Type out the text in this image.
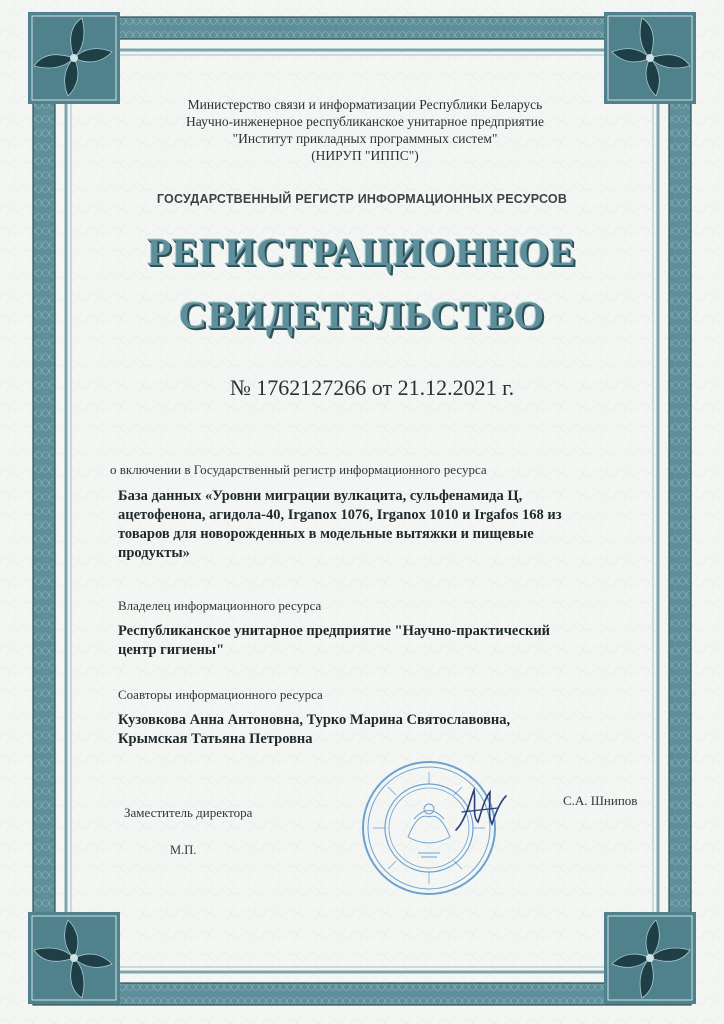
Министерство связи и информатизации Республики Беларусь
Научно-инженерное республиканское унитарное предприятие
"Институт прикладных программных систем"
(НИРУП "ИППС")
ГОСУДАРСТВЕННЫЙ РЕГИСТР ИНФОРМАЦИОННЫХ РЕСУРСОВ
РЕГИСТРАЦИОННОЕ
СВИДЕТЕЛЬСТВО
№ 1762127266 от 21.12.2021 г.
о включении в Государственный регистр информационного ресурса
База данных «Уровни миграции вулкацита, сульфенамида Ц,
ацетофенона, агидола-40, Irganox 1076, Irganox 1010 и Irgafos 168 из
товаров для новорожденных в модельные вытяжки и пищевые
продукты»
Владелец информационного ресурса
Республиканское унитарное предприятие "Научно-практический
центр гигиены"
Соавторы информационного ресурса
Кузовкова Анна Антоновна, Турко Марина Святославовна,
Крымская Татьяна Петровна
Заместитель директора
М.П.
С.А. Шнипов
